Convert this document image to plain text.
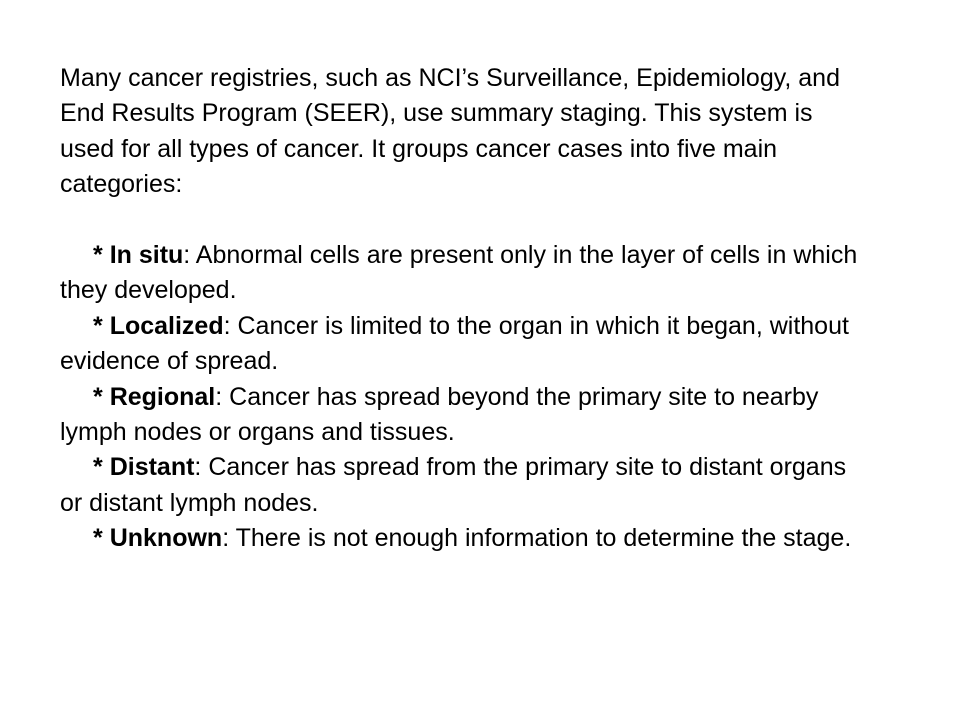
Many cancer registries, such as NCI’s Surveillance, Epidemiology, and End Results Program (SEER), use summary staging. This system is used for all types of cancer. It groups cancer cases into five main categories:

* In situ: Abnormal cells are present only in the layer of cells in which they developed.

* Localized: Cancer is limited to the organ in which it began, without evidence of spread.

* Regional: Cancer has spread beyond the primary site to nearby lymph nodes or organs and tissues.

* Distant: Cancer has spread from the primary site to distant organs or distant lymph nodes.

* Unknown: There is not enough information to determine the stage.
